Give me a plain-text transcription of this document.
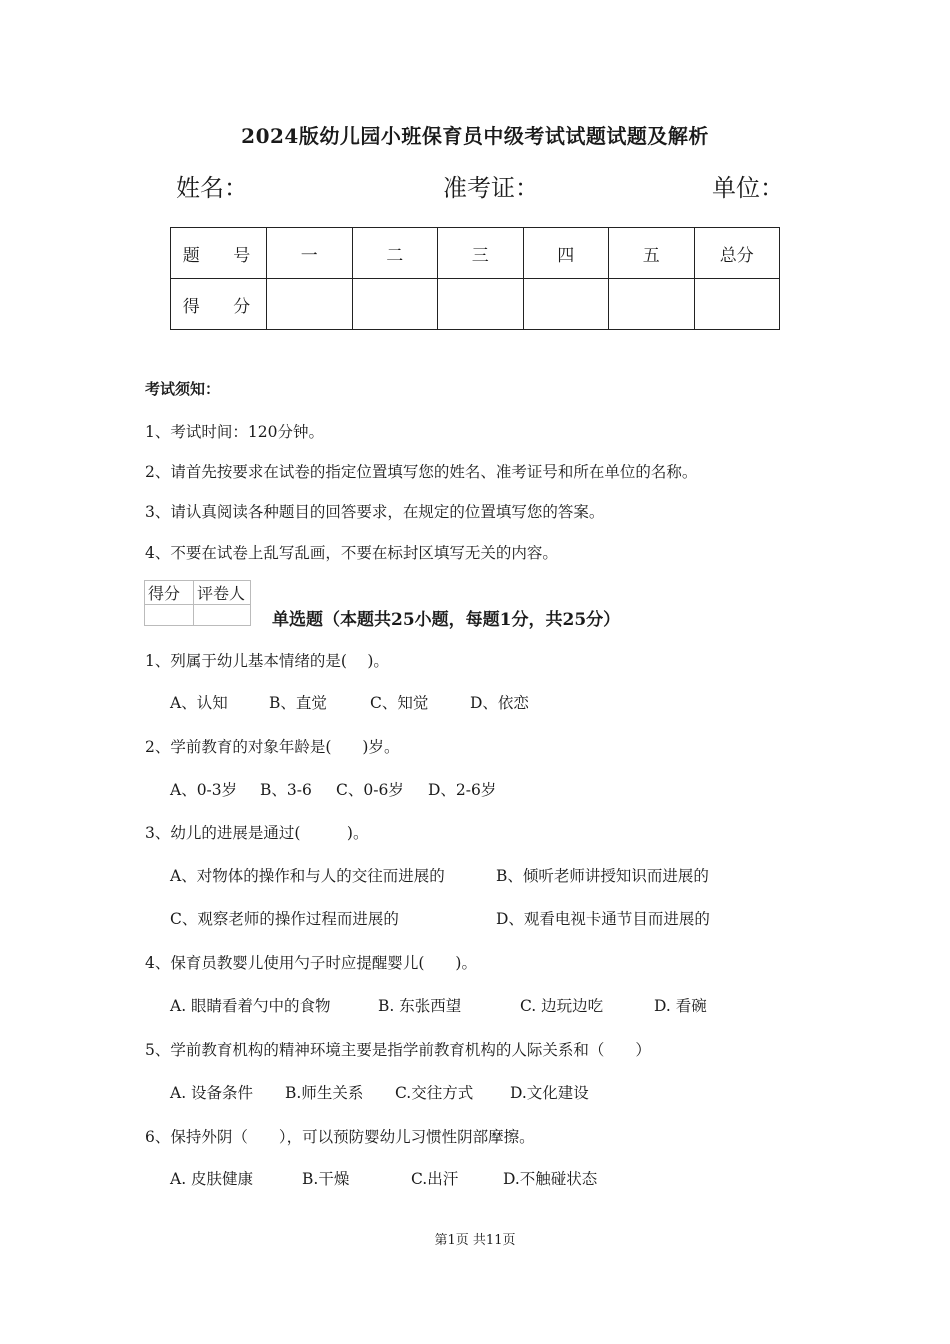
2024版幼儿园小班保育员中级考试试题试题及解析
姓名：	准考证：	单位：
题 号	一	二	三	四	五	总分
得 分						
考试须知：
1、考试时间：120分钟。
2、请首先按要求在试卷的指定位置填写您的姓名、准考证号和所在单位的名称。
3、请认真阅读各种题目的回答要求，在规定的位置填写您的答案。
4、不要在试卷上乱写乱画，不要在标封区填写无关的内容。
得分	评卷人

单选题（本题共25小题，每题1分，共25分）
1、列属于幼儿基本情绪的是(　 )。
A、认知	B、直觉	C、知觉	D、依恋
2、学前教育的对象年龄是(　　)岁。
A、0-3岁 B、3-6 C、0-6岁 D、2-6岁
3、幼儿的进展是通过(　　　)。
A、对物体的操作和与人的交往而进展的	B、倾听老师讲授知识而进展的
C、观察老师的操作过程而进展的	D、观看电视卡通节目而进展的
4、保育员教婴儿使用勺子时应提醒婴儿(　　)。
A. 眼睛看着勺中的食物	B. 东张西望	C. 边玩边吃	D. 看碗
5、学前教育机构的精神环境主要是指学前教育机构的人际关系和（　　）
A. 设备条件 B.师生关系 C.交往方式 D.文化建设
6、保持外阴（　　），可以预防婴幼儿习惯性阴部摩擦。
A. 皮肤健康	B.干燥	C.出汗	D.不触碰状态
第1页 共11页
